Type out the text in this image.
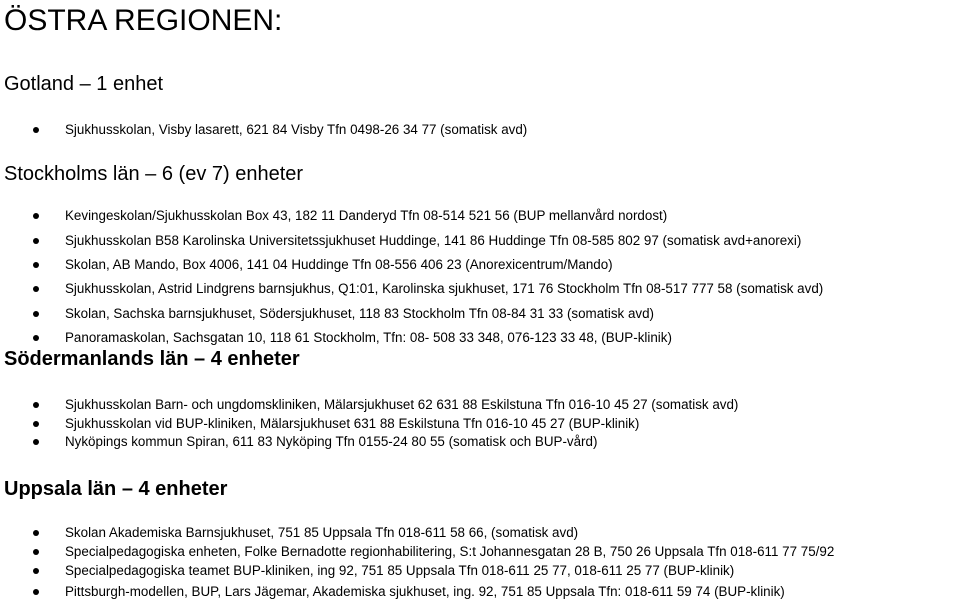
ÖSTRA REGIONEN:
Gotland – 1 enhet
Sjukhusskolan, Visby lasarett, 621 84 Visby Tfn 0498-26 34 77 (somatisk avd)
Stockholms län – 6 (ev 7) enheter
Kevingeskolan/Sjukhusskolan Box 43, 182 11 Danderyd Tfn 08-514 521 56 (BUP mellanvård nordost)
Sjukhusskolan B58 Karolinska Universitetssjukhuset Huddinge, 141 86 Huddinge Tfn 08-585 802 97 (somatisk avd+anorexi)
Skolan, AB Mando, Box 4006, 141 04 Huddinge Tfn 08-556 406 23 (Anorexicentrum/Mando)
Sjukhusskolan, Astrid Lindgrens barnsjukhus, Q1:01, Karolinska sjukhuset, 171 76 Stockholm Tfn 08-517 777 58 (somatisk avd)
Skolan, Sachska barnsjukhuset, Södersjukhuset, 118 83 Stockholm Tfn 08-84 31 33 (somatisk avd)
Panoramaskolan, Sachsgatan 10, 118 61 Stockholm, Tfn: 08- 508 33 348, 076-123 33 48, (BUP-klinik)
Södermanlands län – 4 enheter
Sjukhusskolan Barn- och ungdomskliniken, Mälarsjukhuset 62 631 88 Eskilstuna Tfn 016-10 45 27 (somatisk avd)
Sjukhusskolan vid BUP-kliniken, Mälarsjukhuset 631 88 Eskilstuna Tfn 016-10 45 27 (BUP-klinik)
Nyköpings kommun Spiran, 611 83 Nyköping Tfn 0155-24 80 55 (somatisk och BUP-vård)
Uppsala län – 4 enheter
Skolan Akademiska Barnsjukhuset, 751 85 Uppsala Tfn 018-611 58 66, (somatisk avd)
Specialpedagogiska enheten, Folke Bernadotte regionhabilitering, S:t Johannesgatan 28 B, 750 26 Uppsala Tfn 018-611 77 75/92
Specialpedagogiska teamet BUP-kliniken, ing 92, 751 85 Uppsala Tfn 018-611 25 77, 018-611 25 77 (BUP-klinik)
Pittsburgh-modellen, BUP, Lars Jägemar, Akademiska sjukhuset, ing. 92, 751 85 Uppsala Tfn: 018-611 59 74 (BUP-klinik)
